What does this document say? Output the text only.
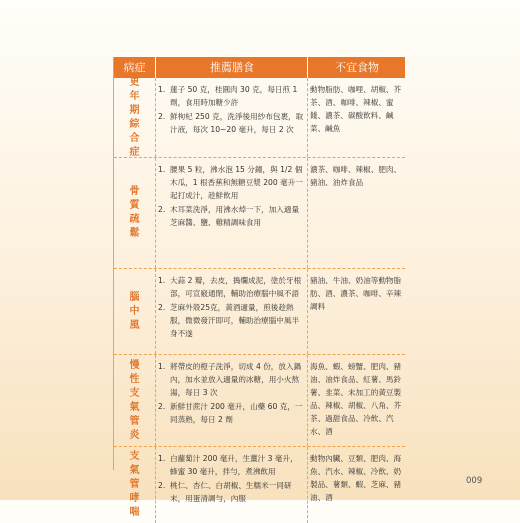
病症	推薦膳食	不宜食物
更年期綜合症
1. 蓮子 50 克，桂圓肉 30 克，每日煎 1 劑，食用時加糖少許
2. 鮮枸杞 250 克，洗淨後用紗布包裹，取汁液，每次 10~20 毫升，每日 2 次
動物脂肪、咖哩、胡椒、芥茶、酒、咖啡、辣椒、蜜餞、濃茶、碳酸飲料、鹹菜、鹹魚
骨質疏鬆
1. 腰果 5 粒，沸水泡 15 分鐘，與 1/2 個木瓜，1 根香蕉和無糖豆漿 200 毫升一起打成汁，趁鮮飲用
2. 木耳菜洗淨，用沸水焯一下，加入適量芝麻醬、鹽、雞精調味食用
濃茶、咖啡、辣椒、肥肉、豬油、油炸食品
腦中風
1. 大蒜 2 瓣，去皮，搗爛成泥，塗於牙根部，可宣竅通閉，輔助治療腦中風不語
2. 芝麻外殼25克，黃酒適量，煎後趁熱服，微微發汗即可，輔助治療腦中風半身不遂
豬油、牛油、奶油等動物脂肪、酒、濃茶、咖啡、辛辣調料
慢性支氣管炎
1. 將帶皮的橙子洗淨，切成 4 份，放入鍋內，加水並放入適量的冰糖，用小火熬湯，每日 3 次
2. 新鮮甘蔗汁 200 毫升，山藥 60 克，一同蒸熟，每日 2 劑
海魚、蝦、螃蟹、肥肉、豬油、油炸食品、紅薯、馬鈴薯、韭菜、未加工的黃豆製品、辣椒、胡椒、八角、芥茶、過甜食品、冷飲、汽水、酒
支氣管哮喘
1. 白蘿蔔汁 200 毫升，生薑汁 3 毫升，蜂蜜 30 毫升，拌勻，煮沸飲用
2. 桃仁、杏仁、白胡椒、生糯米一同研末，用蛋清調勻，內服
動物內臟、豆類、肥肉、海魚、汽水、辣椒、冷飲、奶製品、薯類、蝦、芝麻、豬油、酒
009
